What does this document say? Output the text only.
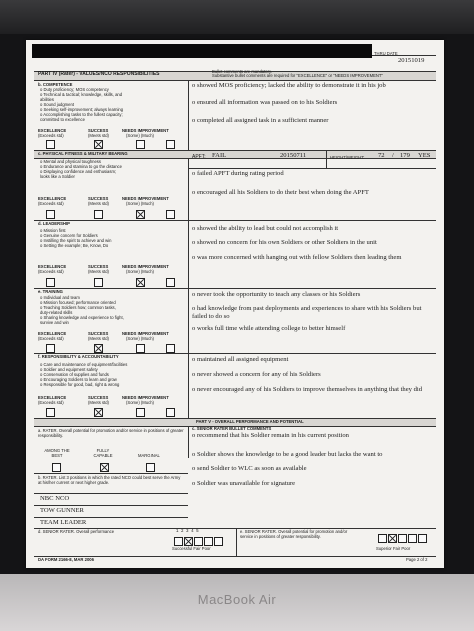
THRU DATE
20151019
PART IV (Rater) - VALUES/NCO RESPONSIBILITIES	Bullet comments are mandatory.
Substantive bullet comments are required for "EXCELLENCE" or "NEEDS IMPROVEMENT"
b. COMPETENCE
o Duty proficiency; MOS competency
o Technical & tactical; knowledge, skills, and
abilities
o Sound judgment
o Seeking self-improvement; always learning
o Accomplishing tasks to the fullest capacity;
committed to excellence
EXCELLENCE
(Exceeds std)
SUCCESS
(Meets std)
NEEDS IMPROVEMENT
(Some) (Much)
o showed MOS proficiency; lacked the ability to demonstrate it in his job
o ensured all information was passed on to his Soldiers
o completed all assigned task in a sufficient manner
c. PHYSICAL FITNESS & MILITARY BEARING
o Mental and physical toughness
o Endurance and stamina to go the distance
o Displaying confidence and enthusiasm;
looks like a Soldier
EXCELLENCE
(Exceeds std)
SUCCESS
(Meets std)
NEEDS IMPROVEMENT
(Some) (Much)
APFT: FAIL	20150711	HEIGHT/WEIGHT: 72 / 179 YES
o failed APFT during rating period
o encouraged all his Soldiers to do their best when doing the APFT
d. LEADERSHIP
o Mission first
o Genuine concern for Soldiers
o Instilling the spirit to achieve and win
o Setting the example; Be, Know, Do
EXCELLENCE
(Exceeds std)
SUCCESS
(Meets std)
NEEDS IMPROVEMENT
(Some) (Much)
o showed the ability to lead but could not accomplish it
o showed no concern for his own Soldiers or other Soldiers in the unit
o was more concerned with hanging out with fellow Soldiers then leading them
e. TRAINING
o Individual and team
o Mission focused; performance oriented
o Teaching Soldiers how; common tasks,
duty-related skills
o Sharing knowledge and experience to fight,
survive and win
EXCELLENCE
(Exceeds std)
SUCCESS
(Meets std)
NEEDS IMPROVEMENT
(Some) (Much)
o never took the opportunity to teach any classes or his Soldiers
o had knowledge from past deployments and experiences to share with his Soldiers but
failed to do so
o works full time while attending college to better himself
f. RESPONSIBILITY & ACCOUNTABILITY
o Care and maintenance of equipment/facilities
o Soldier and equipment safety
o Conservation of supplies and funds
o Encouraging Soldiers to learn and grow
o Responsible for good, bad, right & wrong
EXCELLENCE
(Exceeds std)
SUCCESS
(Meets std)
NEEDS IMPROVEMENT
(Some) (Much)
o maintained all assigned equipment
o never showed a concern for any of his Soldiers
o never encouraged any of his Soldiers to improve themselves in anything that they did
PART V - OVERALL PERFORMANCE AND POTENTIAL
a. RATER. Overall potential for promotion and/or service in positions of greater responsibility.
AMONG THE BEST
FULLY CAPABLE	MARGINAL
b. RATER. List 3 positions in which the rated NCO could best serve the Army at his/her current or next higher grade.
NBC NCO
TOW GUNNER
TEAM LEADER
c. SENIOR RATER BULLET COMMENTS
o recommend that his Soldier remain in his current position
o Soldier shows the knowledge to be a good leader but lacks the want to
o send Soldier to WLC as soon as available
o Soldier was unavailable for signature
d. SENIOR RATER. Overall performance	1 2 3 4 5
Successful Fair Poor
e. SENIOR RATER. Overall potential for promotion and/or service in positions of greater responsibility.
Superior Fair Poor
DA FORM 2166-8, MAR 2006	Page 2 of 2
MacBook Air
